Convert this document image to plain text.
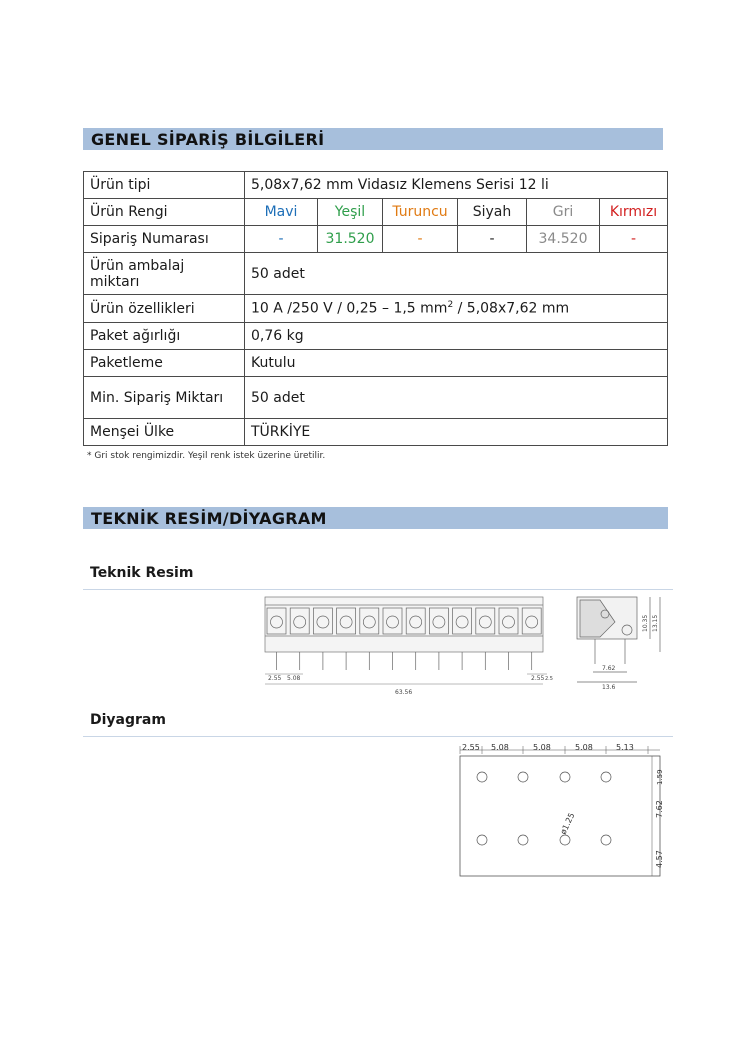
GENEL SİPARİŞ BİLGİLERİ
Ürün tipi	5,08x7,62 mm Vidasız Klemens Serisi 12 li					
Ürün Rengi	Mavi	Yeşil	Turuncu	Siyah	Gri	Kırmızı
Sipariş Numarası	-	31.520	-	-	34.520	-
Ürün ambalaj miktarı	50 adet					
Ürün özellikleri	10 A /250 V / 0,25 – 1,5 $mm^2 / 5,08x7,62$ mm					
Paket ağırlığı	0,76 kg					
Paketleme	Kutulu					
Min. Sipariş Miktarı	50 adet					
Menşei Ülke	TÜRKİYE					
* Gri stok rengimizdir. Yeşil renk istek üzerine üretilir.
TEKNİK RESİM/DİYAGRAM
Teknik Resim
2.55 5.08	2.55 2.5
63.56
7.62
13.6
10.35 13.15
Diyagram
2.55 5.08	5.08	5.08	5.13
1.59
7.62
4.57
ø1.25
